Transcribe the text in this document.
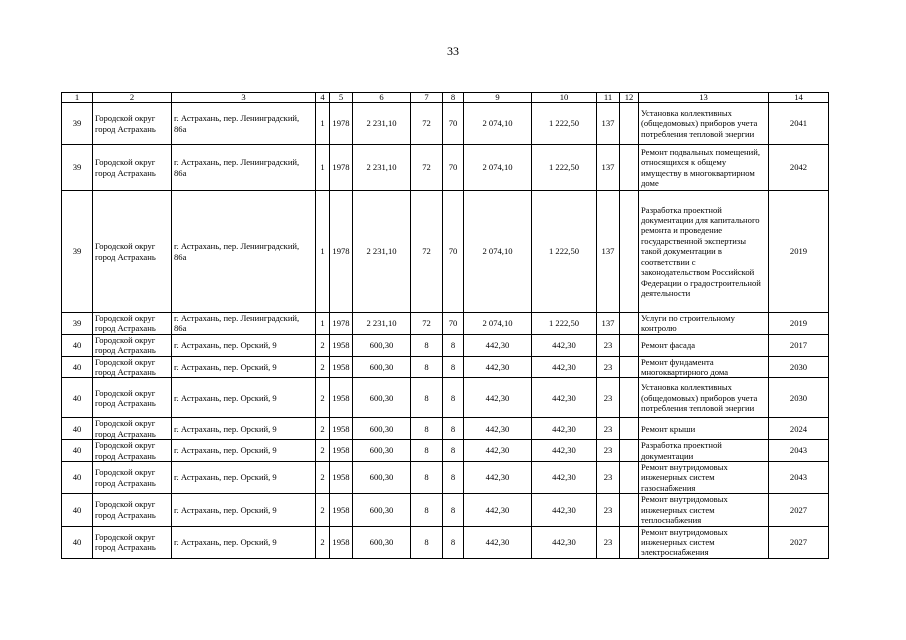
33
1	2	3	4	5	6	7	8	9	10	11	12	13	14
39	Городской округ город Астрахань	г. Астрахань, пер. Ленинградский, 86а	1	1978	2 231,10	72	70	2 074,10	1 222,50	137		Установка коллективных (общедомовых) приборов учета потребления тепловой энергии	2041
39	Городской округ город Астрахань	г. Астрахань, пер. Ленинградский, 86а	1	1978	2 231,10	72	70	2 074,10	1 222,50	137		Ремонт подвальных помещений, относящихся к общему имуществу в многоквартирном доме	2042
39	Городской округ город Астрахань	г. Астрахань, пер. Ленинградский, 86а	1	1978	2 231,10	72	70	2 074,10	1 222,50	137		Разработка проектной документации для капитального ремонта и проведение государственной экспертизы такой документации в соответствии с законодательством Российской Федерации о градостроительной деятельности	2019
39	Городской округ город Астрахань	г. Астрахань, пер. Ленинградский, 86а	1	1978	2 231,10	72	70	2 074,10	1 222,50	137		Услуги по строительному контролю	2019
40	Городской округ город Астрахань	г. Астрахань, пер. Орский, 9	2	1958	600,30	8	8	442,30	442,30	23		Ремонт фасада	2017
40	Городской округ город Астрахань	г. Астрахань, пер. Орский, 9	2	1958	600,30	8	8	442,30	442,30	23		Ремонт фундамента многоквартирного дома	2030
40	Городской округ город Астрахань	г. Астрахань, пер. Орский, 9	2	1958	600,30	8	8	442,30	442,30	23		Установка коллективных (общедомовых) приборов учета потребления тепловой энергии	2030
40	Городской округ город Астрахань	г. Астрахань, пер. Орский, 9	2	1958	600,30	8	8	442,30	442,30	23		Ремонт крыши	2024
40	Городской округ город Астрахань	г. Астрахань, пер. Орский, 9	2	1958	600,30	8	8	442,30	442,30	23		Разработка проектной документации	2043
40	Городской округ город Астрахань	г. Астрахань, пер. Орский, 9	2	1958	600,30	8	8	442,30	442,30	23		Ремонт внутридомовых инженерных систем газоснабжения	2043
40	Городской округ город Астрахань	г. Астрахань, пер. Орский, 9	2	1958	600,30	8	8	442,30	442,30	23		Ремонт внутридомовых инженерных систем теплоснабжения	2027
40	Городской округ город Астрахань	г. Астрахань, пер. Орский, 9	2	1958	600,30	8	8	442,30	442,30	23		Ремонт внутридомовых инженерных систем электроснабжения	2027
